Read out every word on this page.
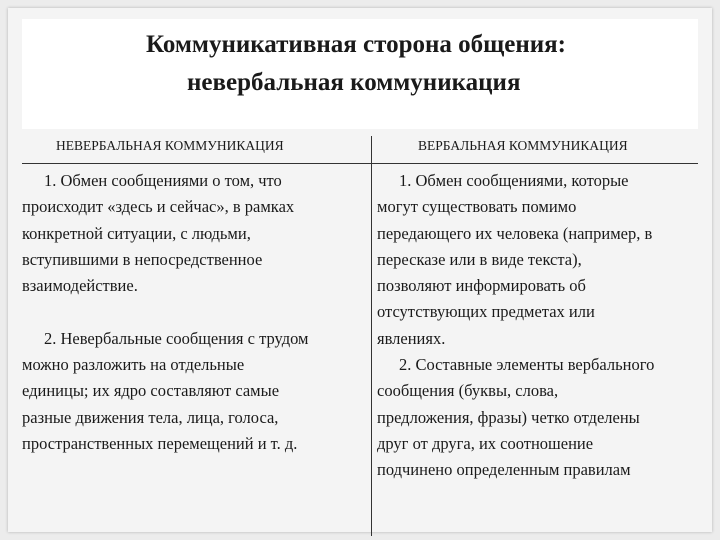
Коммуникативная сторона общения:
невербальная коммуникация
НЕВЕРБАЛЬНАЯ КОММУНИКАЦИЯ	ВЕРБАЛЬНАЯ КОММУНИКАЦИЯ
1. Обмен сообщениями о том, что
происходит «здесь и сейчас», в рамках
конкретной ситуации, с людьми,
вступившими в непосредственное
взаимодействие.
2. Невербальные сообщения с трудом
можно разложить на отдельные
единицы; их ядро составляют самые
разные движения тела, лица, голоса,
пространственных перемещений и т. д.
1. Обмен сообщениями, которые
могут существовать помимо
передающего их человека (например, в
пересказе или в виде текста),
позволяют информировать об
отсутствующих предметах или
явлениях.
2. Составные элементы вербального
сообщения (буквы, слова,
предложения, фразы) четко отделены
друг от друга, их соотношение
подчинено определенным правилам
